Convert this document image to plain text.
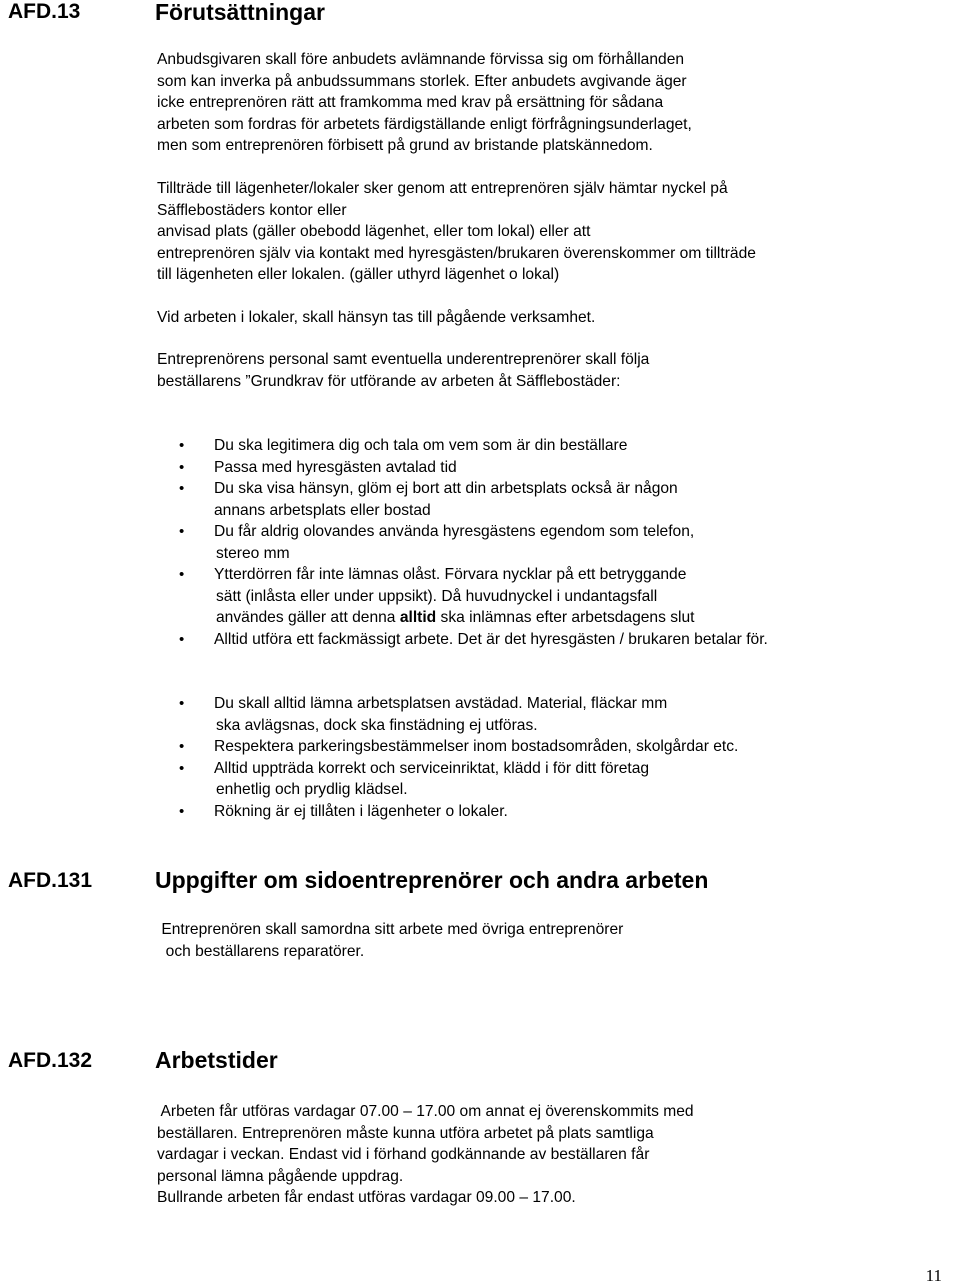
AFD.13	Förutsättningar

Anbudsgivaren skall före anbudets avlämnande förvissa sig om förhållanden

som kan inverka på anbudssummans storlek. Efter anbudets avgivande äger

icke entreprenören rätt att framkomma med krav på ersättning för sådana

arbeten som fordras för arbetets färdigställande enligt förfrågningsunderlaget,

men som entreprenören förbisett på grund av bristande platskännedom.

Tillträde till lägenheter/lokaler sker genom att entreprenören själv hämtar nyckel på

Säfflebostäders kontor eller

anvisad plats (gäller obebodd lägenhet, eller tom lokal) eller att

entreprenören själv via kontakt med hyresgästen/brukaren överenskommer om tillträde

till lägenheten eller lokalen. (gäller uthyrd lägenhet o lokal)

Vid arbeten i lokaler, skall hänsyn tas till pågående verksamhet.

Entreprenörens personal samt eventuella underentreprenörer skall följa

beställarens ”Grundkrav för utförande av arbeten åt Säfflebostäder:

• Du ska legitimera dig och tala om vem som är din beställare
• Passa med hyresgästen avtalad tid
• Du ska visa hänsyn, glöm ej bort att din arbetsplats också är någon
annans arbetsplats eller bostad
• Du får aldrig olovandes använda hyresgästens egendom som telefon,
stereo mm
• Ytterdörren får inte lämnas olåst. Förvara nycklar på ett betryggande
sätt (inlåsta eller under uppsikt). Då huvudnyckel i undantagsfall
användes gäller att denna alltid ska inlämnas efter arbetsdagens slut
• Alltid utföra ett fackmässigt arbete. Det är det hyresgästen / brukaren betalar för.
• Du skall alltid lämna arbetsplatsen avstädad. Material, fläckar mm
ska avlägsnas, dock ska finstädning ej utföras.
• Respektera parkeringsbestämmelser inom bostadsområden, skolgårdar etc.
• Alltid uppträda korrekt och serviceinriktat, klädd i för ditt företag
enhetlig och prydlig klädsel.
• Rökning är ej tillåten i lägenheter o lokaler.
AFD.131	Uppgifter om sidoentreprenörer och andra arbeten

Entreprenören skall samordna sitt arbete med övriga entreprenörer

och beställarens reparatörer.

AFD.132	Arbetstider

Arbeten får utföras vardagar 07.00 – 17.00 om annat ej överenskommits med

beställaren. Entreprenören måste kunna utföra arbetet på plats samtliga

vardagar i veckan. Endast vid i förhand godkännande av beställaren får

personal lämna pågående uppdrag.

Bullrande arbeten får endast utföras vardagar 09.00 – 17.00.

11
